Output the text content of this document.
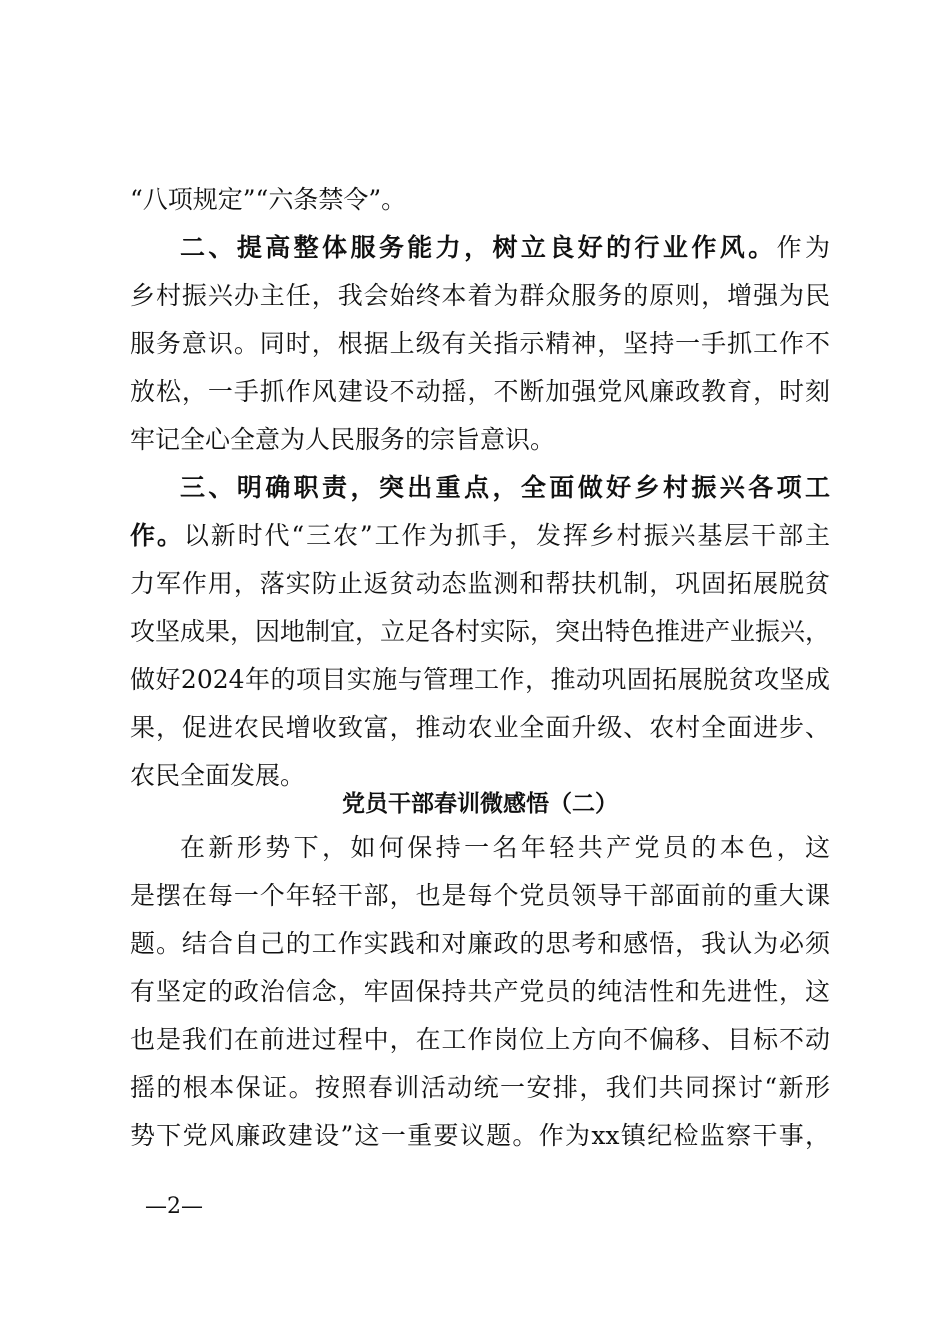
“八项规定”“六条禁令”。
二、提高整体服务能力，树立良好的行业作风。作为
乡村振兴办主任，我会始终本着为群众服务的原则，增强为民
服务意识。同时，根据上级有关指示精神，坚持一手抓工作不
放松，一手抓作风建设不动摇，不断加强党风廉政教育，时刻
牢记全心全意为人民服务的宗旨意识。
三、明确职责，突出重点，全面做好乡村振兴各项工
作。以新时代“三农”工作为抓手，发挥乡村振兴基层干部主
力军作用，落实防止返贫动态监测和帮扶机制，巩固拓展脱贫
攻坚成果，因地制宜，立足各村实际，突出特色推进产业振兴，
做好2024年的项目实施与管理工作，推动巩固拓展脱贫攻坚成
果，促进农民增收致富，推动农业全面升级、农村全面进步、
农民全面发展。
党员干部春训微感悟（二）
在新形势下，如何保持一名年轻共产党员的本色，这
是摆在每一个年轻干部，也是每个党员领导干部面前的重大课
题。结合自己的工作实践和对廉政的思考和感悟，我认为必须
有坚定的政治信念，牢固保持共产党员的纯洁性和先进性，这
也是我们在前进过程中，在工作岗位上方向不偏移、目标不动
摇的根本保证。按照春训活动统一安排，我们共同探讨“新形
势下党风廉政建设”这一重要议题。作为xx镇纪检监察干事，
—2—
